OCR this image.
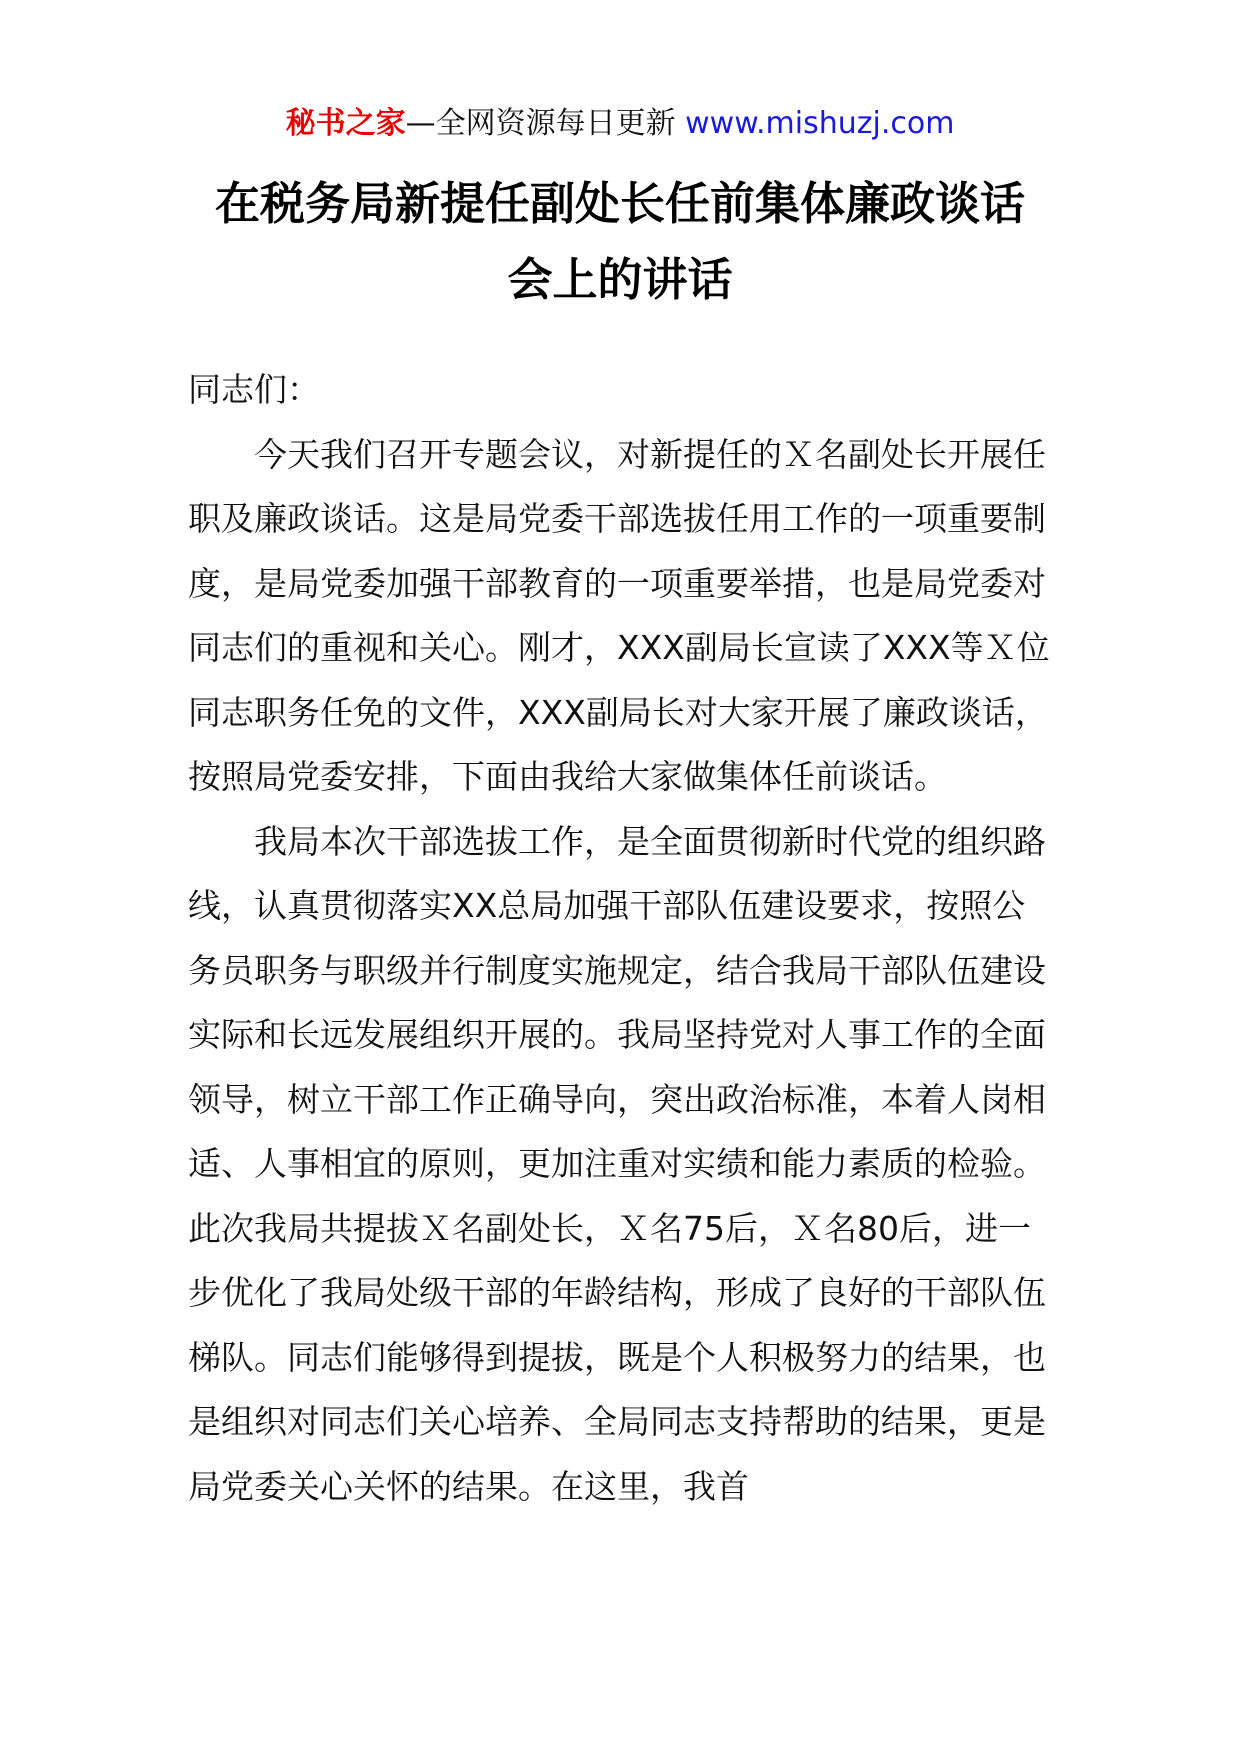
秘书之家—全网资源每日更新 www.mishuzj.com
在税务局新提任副处长任前集体廉政谈话
会上的讲话

同志们：

今天我们召开专题会议，对新提任的Ｘ名副处长开展任职及廉政谈话。这是局党委干部选拔任用工作的一项重要制度，是局党委加强干部教育的一项重要举措，也是局党委对同志们的重视和关心。刚才，XXX副局长宣读了XXX等Ｘ位同志职务任免的文件，XXX副局长对大家开展了廉政谈话，按照局党委安排，下面由我给大家做集体任前谈话。

我局本次干部选拔工作，是全面贯彻新时代党的组织路线，认真贯彻落实XX总局加强干部队伍建设要求，按照公务员职务与职级并行制度实施规定，结合我局干部队伍建设实际和长远发展组织开展的。我局坚持党对人事工作的全面领导，树立干部工作正确导向，突出政治标准，本着人岗相适、人事相宜的原则，更加注重对实绩和能力素质的检验。此次我局共提拔Ｘ名副处长，Ｘ名75后，Ｘ名80后，进一步优化了我局处级干部的年龄结构，形成了良好的干部队伍梯队。同志们能够得到提拔，既是个人积极努力的结果，也是组织对同志们关心培养、全局同志支持帮助的结果，更是局党委关心关怀的结果。在这里，我首
